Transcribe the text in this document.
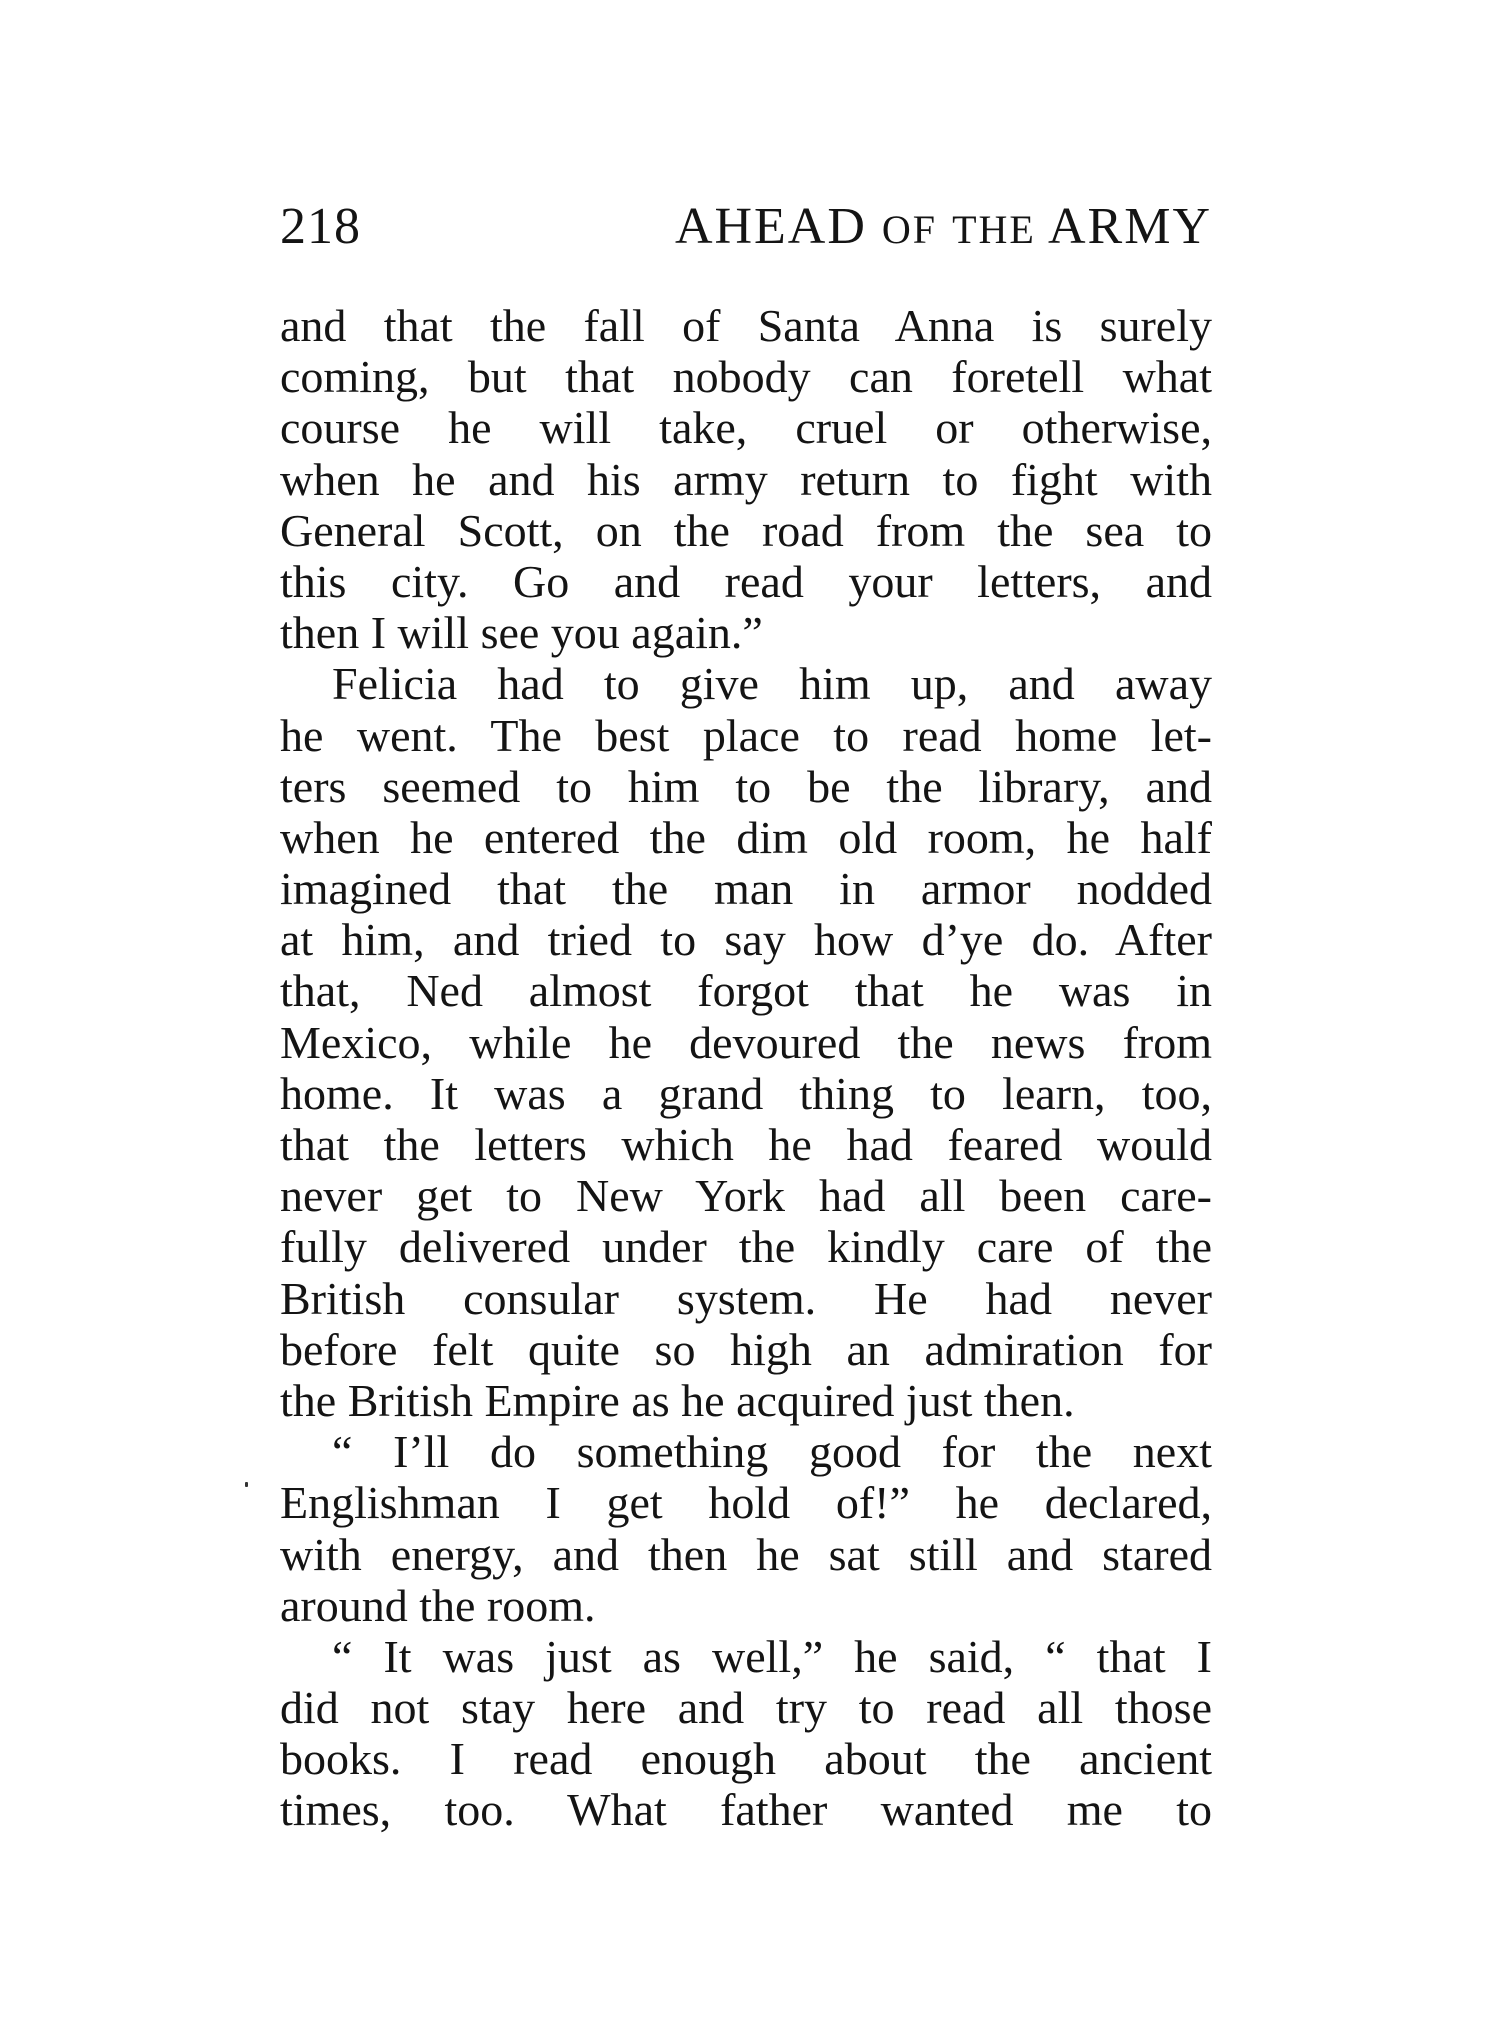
218	AHEAD OF THE ARMY
and that the fall of Santa Anna is surely
coming, but that nobody can foretell what
course he will take, cruel or otherwise,
when he and his army return to fight with
General Scott, on the road from the sea to
this city. Go and read your letters, and
then I will see you again.”
Felicia had to give him up, and away
he went. The best place to read home let-
ters seemed to him to be the library, and
when he entered the dim old room, he half
imagined that the man in armor nodded
at him, and tried to say how d’ye do. After
that, Ned almost forgot that he was in
Mexico, while he devoured the news from
home. It was a grand thing to learn, too,
that the letters which he had feared would
never get to New York had all been care-
fully delivered under the kindly care of the
British consular system. He had never
before felt quite so high an admiration for
the British Empire as he acquired just then.
“ I’ll do something good for the next
Englishman I get hold of!” he declared,
with energy, and then he sat still and stared
around the room.
“ It was just as well,” he said, “ that I
did not stay here and try to read all those
books. I read enough about the ancient
times, too. What father wanted me to
